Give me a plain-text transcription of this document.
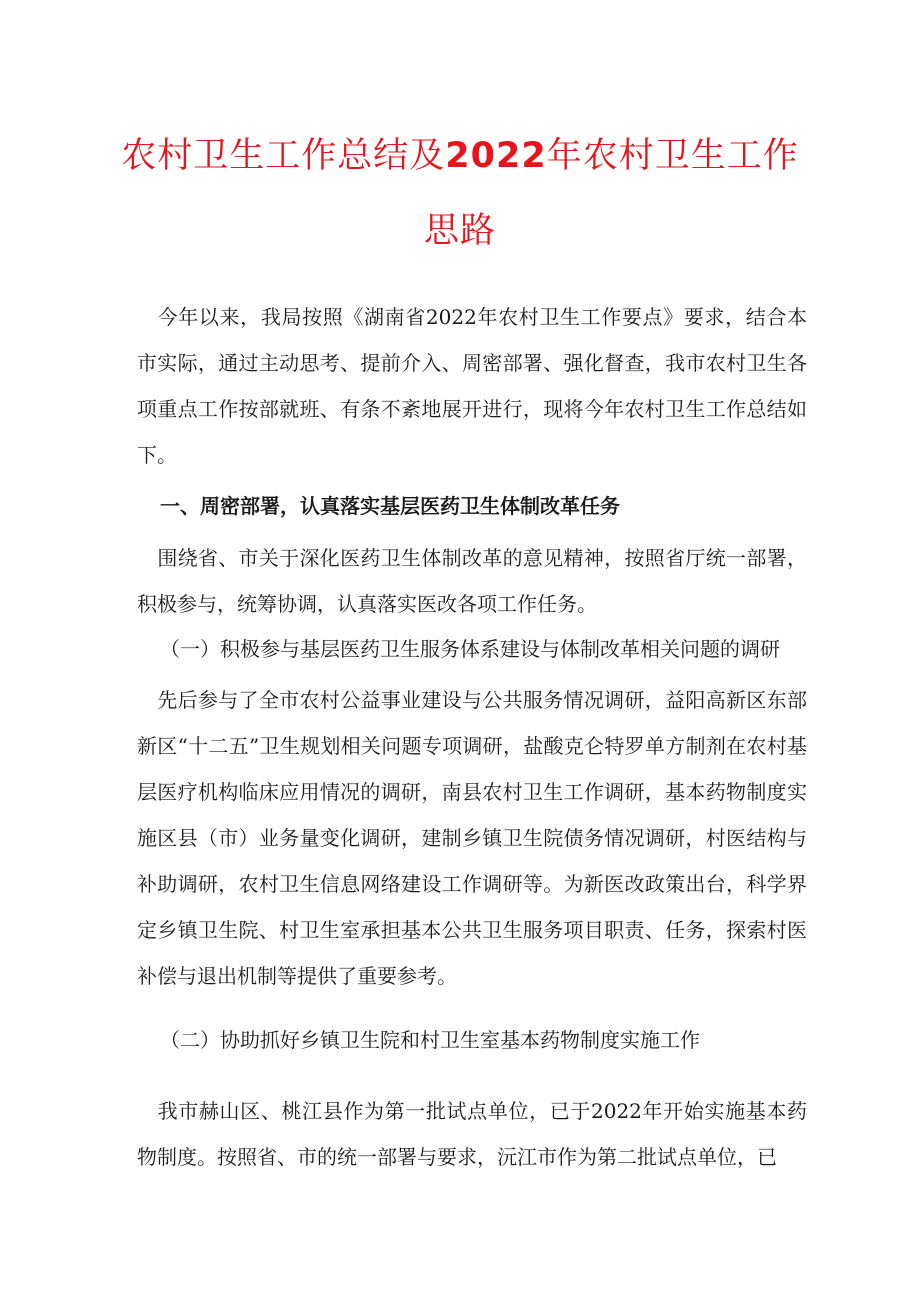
农村卫生工作总结及2022年农村卫生工作
思路

今年以来，我局按照《湖南省2022年农村卫生工作要点》要求，结合本市实际，通过主动思考、提前介入、周密部署、强化督查，我市农村卫生各项重点工作按部就班、有条不紊地展开进行，现将今年农村卫生工作总结如下。

一、周密部署，认真落实基层医药卫生体制改革任务

围绕省、市关于深化医药卫生体制改革的意见精神，按照省厅统一部署，积极参与，统筹协调，认真落实医改各项工作任务。

（一）积极参与基层医药卫生服务体系建设与体制改革相关问题的调研

先后参与了全市农村公益事业建设与公共服务情况调研，益阳高新区东部新区“十二五”卫生规划相关问题专项调研，盐酸克仑特罗单方制剂在农村基层医疗机构临床应用情况的调研，南县农村卫生工作调研，基本药物制度实施区县（市）业务量变化调研，建制乡镇卫生院债务情况调研，村医结构与补助调研，农村卫生信息网络建设工作调研等。为新医改政策出台，科学界定乡镇卫生院、村卫生室承担基本公共卫生服务项目职责、任务，探索村医补偿与退出机制等提供了重要参考。

（二）协助抓好乡镇卫生院和村卫生室基本药物制度实施工作

我市赫山区、桃江县作为第一批试点单位，已于2022年开始实施基本药物制度。按照省、市的统一部署与要求，沅江市作为第二批试点单位，已
